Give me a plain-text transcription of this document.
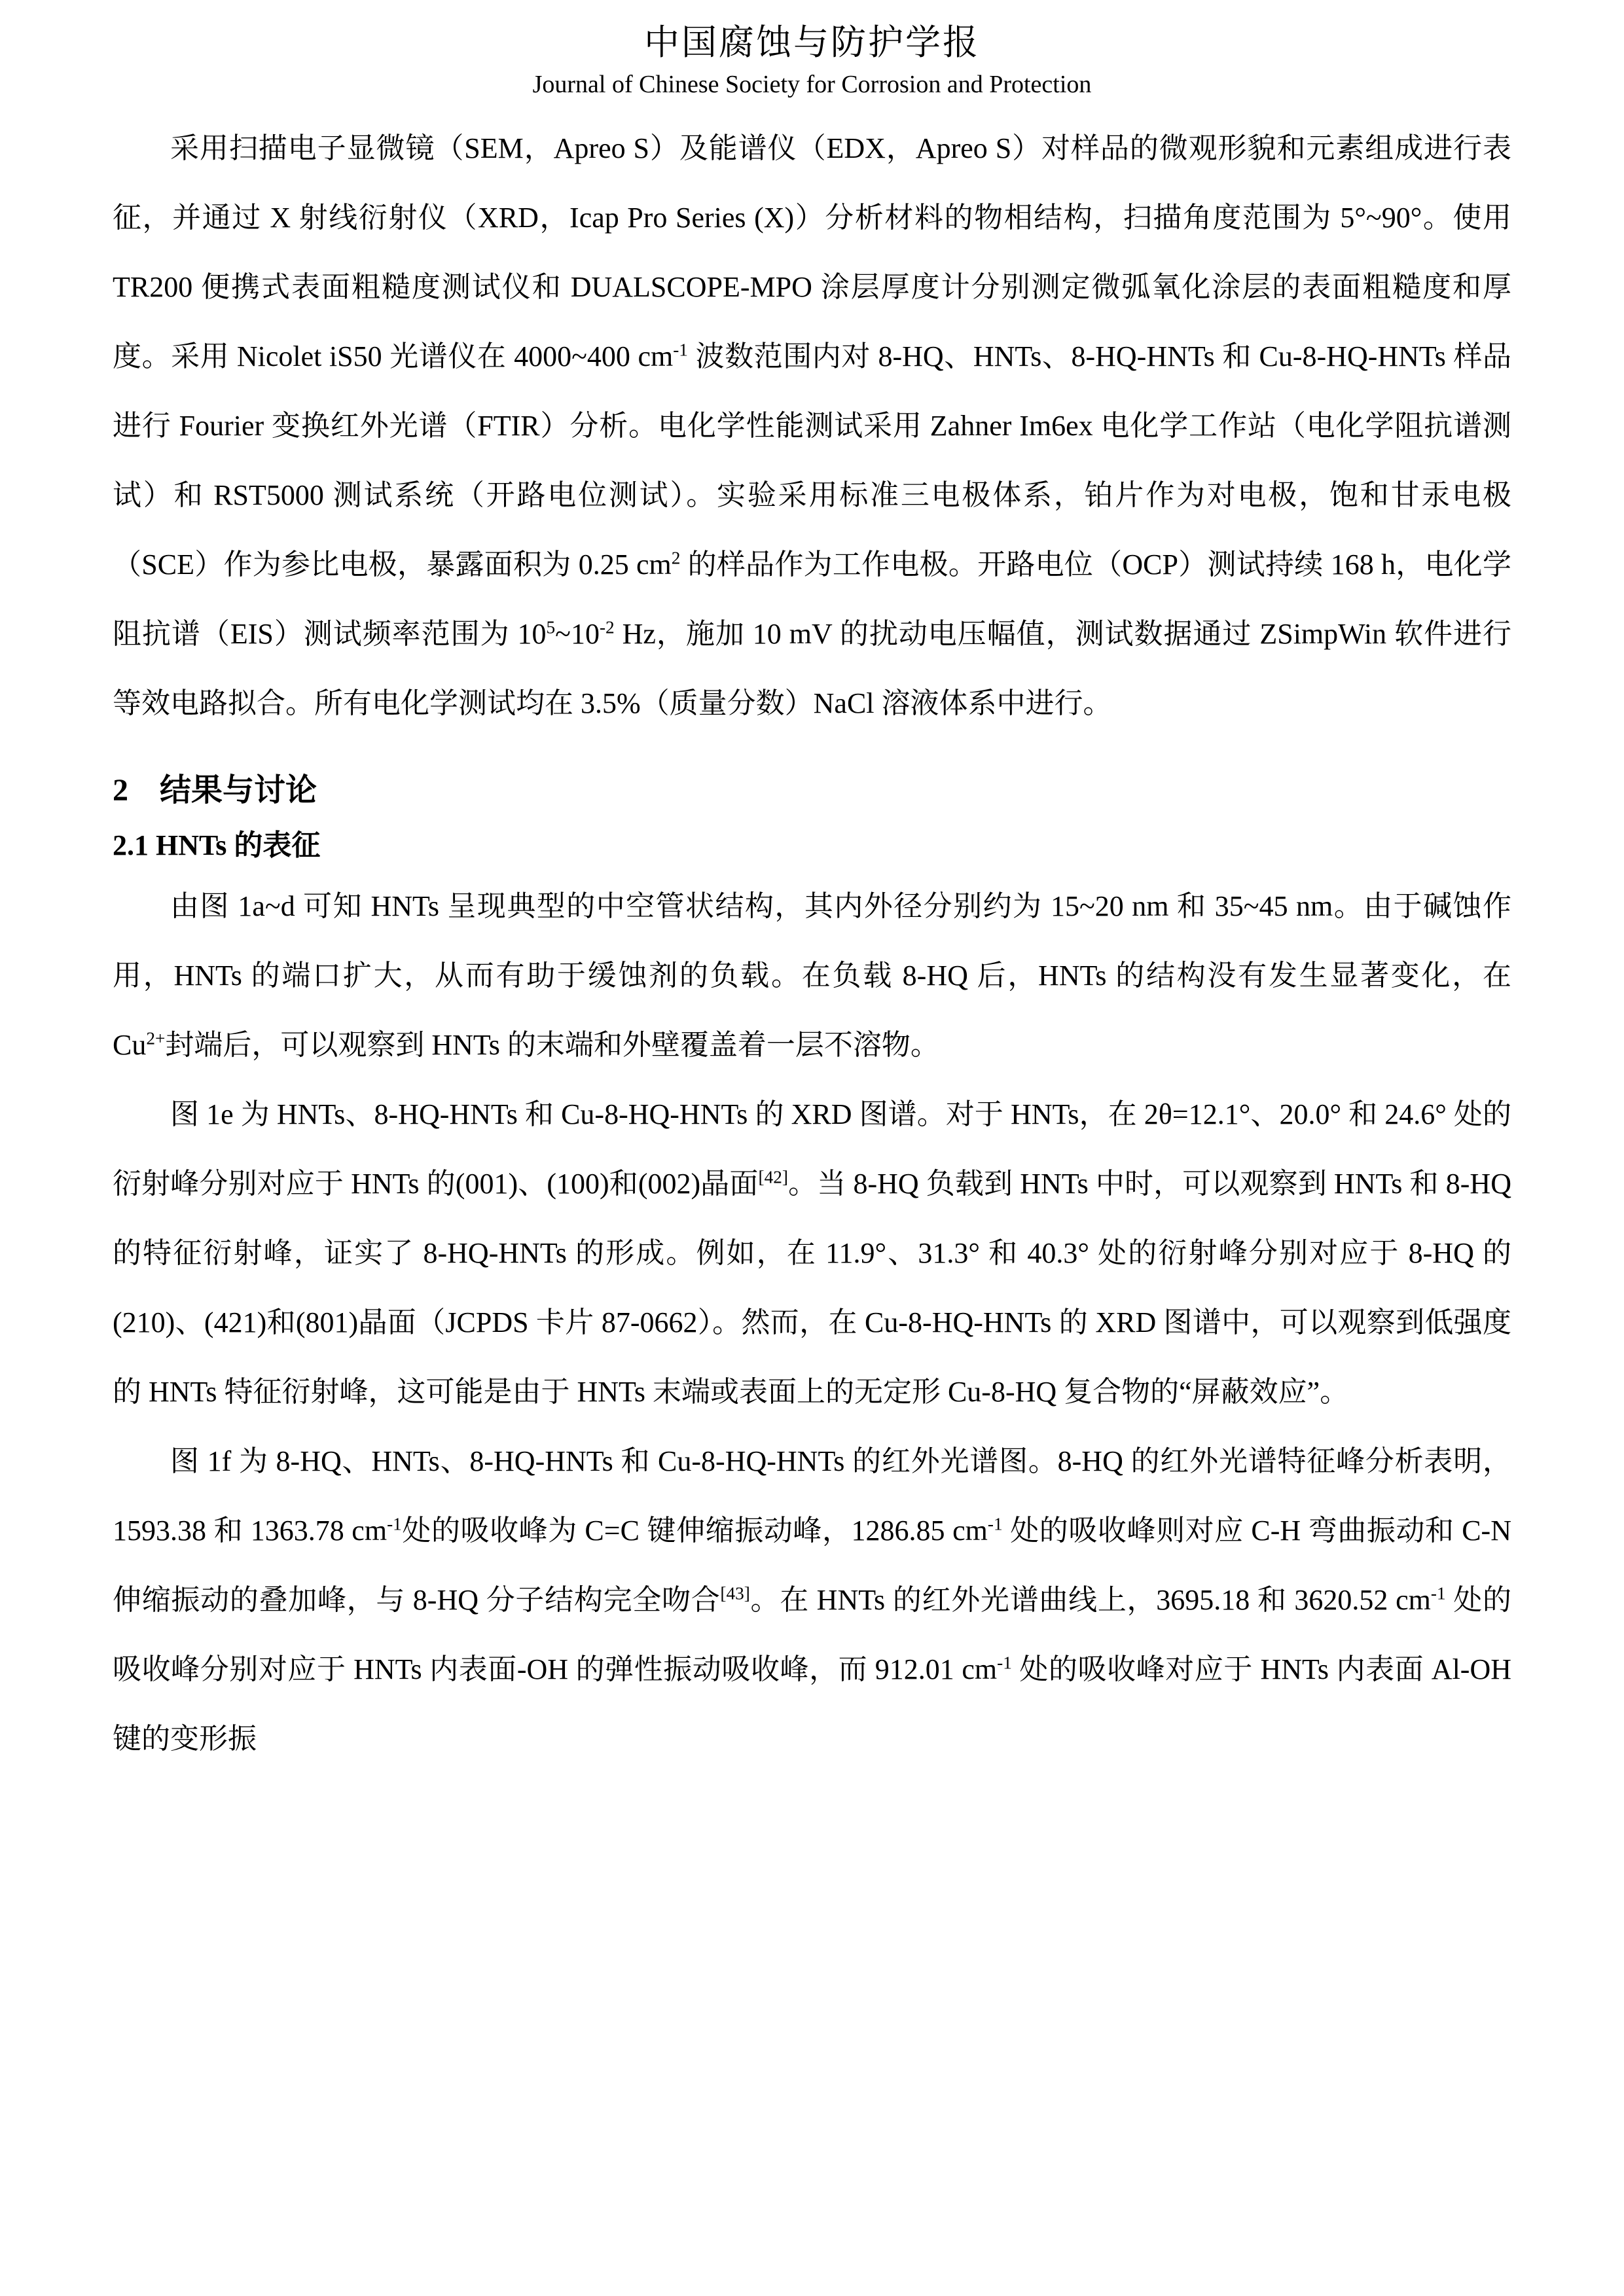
中国腐蚀与防护学报
Journal of Chinese Society for Corrosion and Protection

采用扫描电子显微镜（SEM，Apreo S）及能谱仪（EDX，Apreo S）对样品的微观形貌和元素组成进行表征，并通过 X 射线衍射仪（XRD，Icap Pro Series (X)）分析材料的物相结构，扫描角度范围为 5°~90°。使用 TR200 便携式表面粗糙度测试仪和 DUALSCOPE-MPO 涂层厚度计分别测定微弧氧化涂层的表面粗糙度和厚度。采用 Nicolet iS50 光谱仪在 4000~400 $cm^{-1}$ 波数范围内对 8-HQ、HNTs、8-HQ-HNTs 和 Cu-8-HQ-HNTs 样品进行 Fourier 变换红外光谱（FTIR）分析。电化学性能测试采用 Zahner Im6ex 电化学工作站（电化学阻抗谱测试）和 RST5000 测试系统（开路电位测试）。实验采用标准三电极体系，铂片作为对电极，饱和甘汞电极（SCE）作为参比电极，暴露面积为 0.25 $cm^2$ 的样品作为工作电极。开路电位（OCP）测试持续 168 h，电化学阻抗谱（EIS）测试频率范围为 $10^5\sim 10^{-2}$ Hz，施加 10 mV 的扰动电压幅值，测试数据通过 ZSimpWin 软件进行等效电路拟合。所有电化学测试均在 3.5%（质量分数）NaCl 溶液体系中进行。

2　结果与讨论
2.1 HNTs 的表征

由图 1a~d 可知 HNTs 呈现典型的中空管状结构，其内外径分别约为 15~20 nm 和 35~45 nm。由于碱蚀作用，HNTs 的端口扩大，从而有助于缓蚀剂的负载。在负载 8-HQ 后，HNTs 的结构没有发生显著变化，在 $Cu^{2+}$封端后，可以观察到 HNTs 的末端和外壁覆盖着一层不溶物。

图 1e 为 HNTs、8-HQ-HNTs 和 Cu-8-HQ-HNTs 的 XRD 图谱。对于 HNTs，在 2θ=12.1°、20.0° 和 24.6° 处的衍射峰分别对应于 HNTs 的(001)、(100)和(002)晶面[42]。当 8-HQ 负载到 HNTs 中时，可以观察到 HNTs 和 8-HQ 的特征衍射峰，证实了 8-HQ-HNTs 的形成。例如，在 11.9°、31.3° 和 40.3° 处的衍射峰分别对应于 8-HQ 的(210)、(421)和(801)晶面（JCPDS 卡片 87-0662）。然而，在 Cu-8-HQ-HNTs 的 XRD 图谱中，可以观察到低强度的 HNTs 特征衍射峰，这可能是由于 HNTs 末端或表面上的无定形 Cu-8-HQ 复合物的“屏蔽效应”。

图 1f 为 8-HQ、HNTs、8-HQ-HNTs 和 Cu-8-HQ-HNTs 的红外光谱图。8-HQ 的红外光谱特征峰分析表明，1593.38 和 1363.78 $cm^{-1}$处的吸收峰为 C=C 键伸缩振动峰，1286.85 $cm^{-1}$ 处的吸收峰则对应 C-H 弯曲振动和 C-N 伸缩振动的叠加峰，与 8-HQ 分子结构完全吻合[43]。在 HNTs 的红外光谱曲线上，3695.18 和 3620.52 $cm^{-1}$ 处的吸收峰分别对应于 HNTs 内表面-OH 的弹性振动吸收峰，而 912.01 $cm^{-1}$ 处的吸收峰对应于 HNTs 内表面 Al-OH 键的变形振
